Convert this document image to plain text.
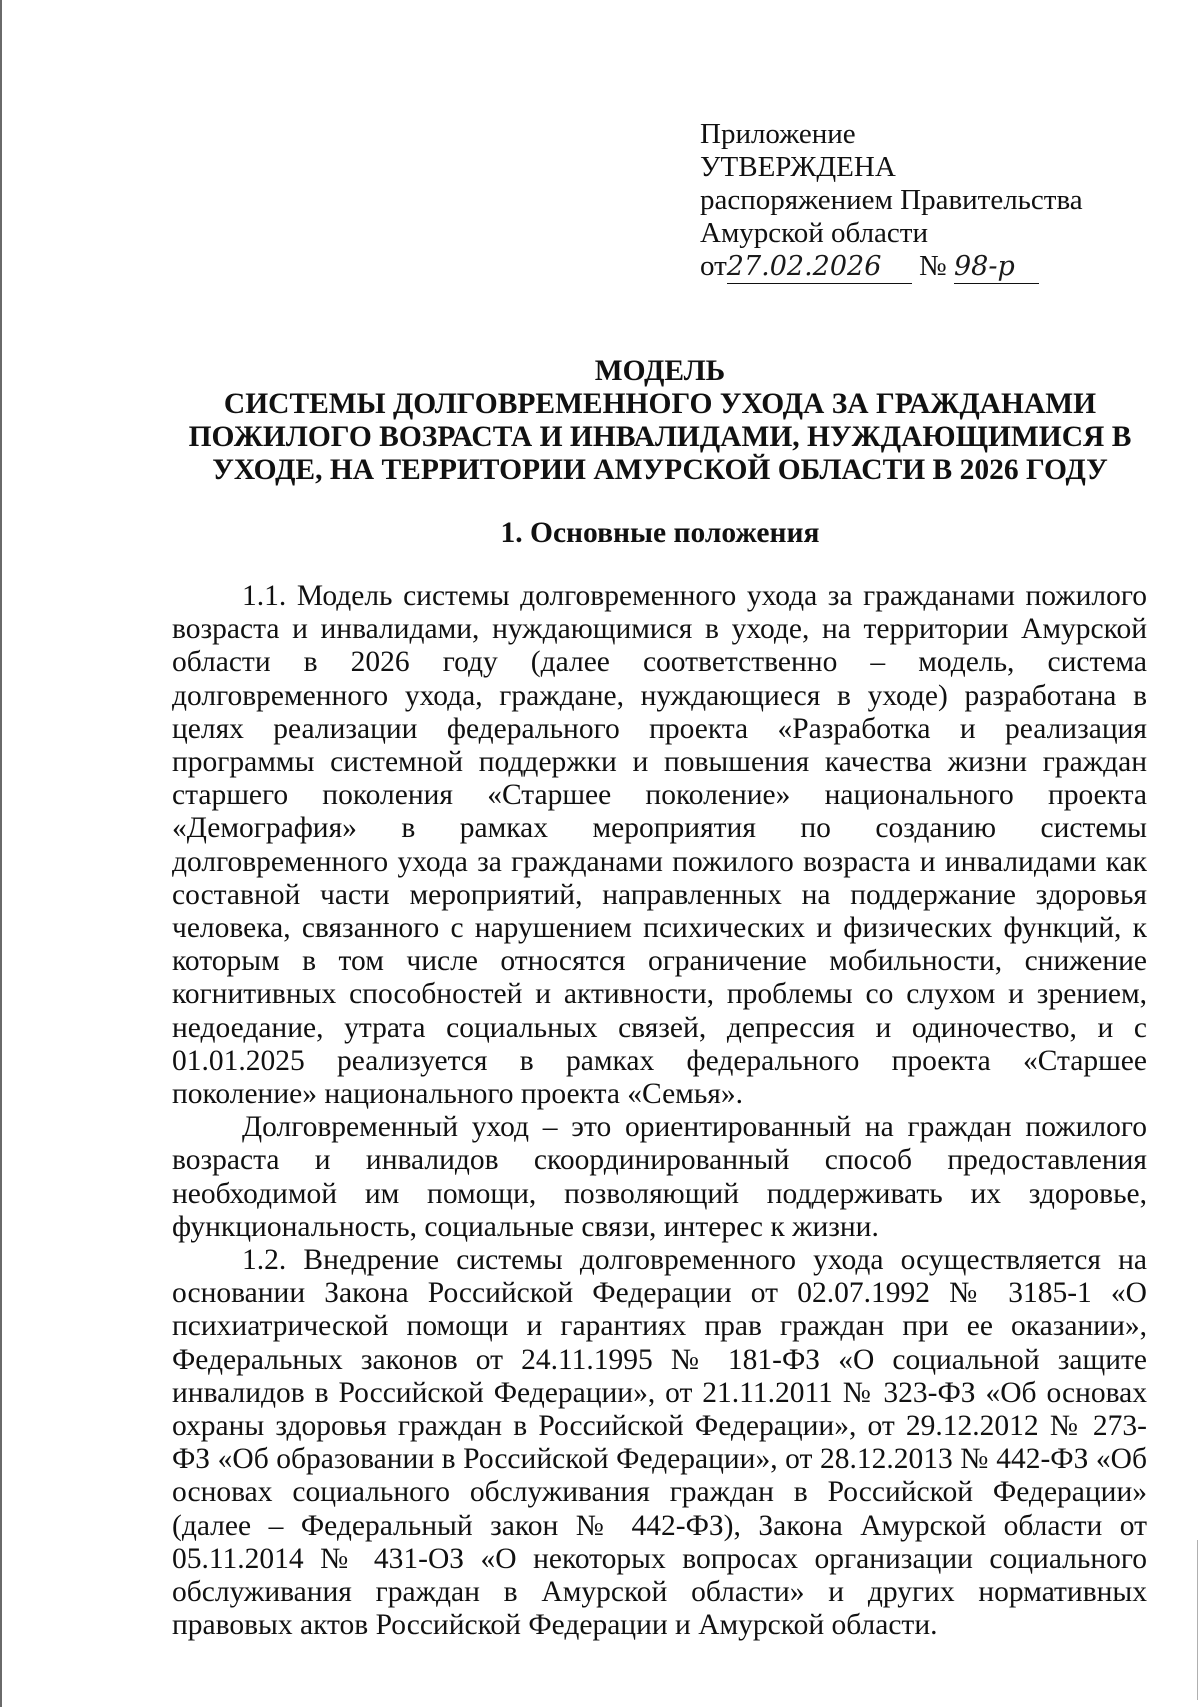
Приложение
УТВЕРЖДЕНА
распоряжением Правительства
Амурской области
от27.02.2026 № 98-р
МОДЕЛЬ
СИСТЕМЫ ДОЛГОВРЕМЕННОГО УХОДА ЗА ГРАЖДАНАМИ
ПОЖИЛОГО ВОЗРАСТА И ИНВАЛИДАМИ, НУЖДАЮЩИМИСЯ В
УХОДЕ, НА ТЕРРИТОРИИ АМУРСКОЙ ОБЛАСТИ В 2026 ГОДУ
1. Основные положения

1.1. Модель системы долговременного ухода за гражданами пожилого возраста и инвалидами, нуждающимися в уходе, на территории Амурской области в 2026 году (далее соответственно – модель, система долговременного ухода, граждане, нуждающиеся в уходе) разработана в целях реализации федерального проекта «Разработка и реализация программы системной поддержки и повышения качества жизни граждан старшего поколения «Старшее поколение» национального проекта «Демография» в рамках мероприятия по созданию системы долговременного ухода за гражданами пожилого возраста и инвалидами как составной части мероприятий, направленных на поддержание здоровья человека, связанного с нарушением психических и физических функций, к которым в том числе относятся ограничение мобильности, снижение когнитивных способностей и активности, проблемы со слухом и зрением, недоедание, утрата социальных связей, депрессия и одиночество, и с 01.01.2025 реализуется в рамках федерального проекта «Старшее поколение» национального проекта «Семья».

Долговременный уход – это ориентированный на граждан пожилого возраста и инвалидов скоординированный способ предоставления необходимой им помощи, позволяющий поддерживать их здоровье, функциональность, социальные связи, интерес к жизни.

1.2. Внедрение системы долговременного ухода осуществляется на основании Закона Российской Федерации от 02.07.1992 № 3185-1 «О психиатрической помощи и гарантиях прав граждан при ее оказании», Федеральных законов от 24.11.1995 № 181-ФЗ «О социальной защите инвалидов в Российской Федерации», от 21.11.2011 № 323-ФЗ «Об основах охраны здоровья граждан в Российской Федерации», от 29.12.2012 № 273-ФЗ «Об образовании в Российской Федерации», от 28.12.2013 № 442-ФЗ «Об основах социального обслуживания граждан в Российской Федерации» (далее – Федеральный закон № 442-ФЗ), Закона Амурской области от 05.11.2014 № 431-ОЗ «О некоторых вопросах организации социального обслуживания граждан в Амурской области» и других нормативных правовых актов Российской Федерации и Амурской области.
